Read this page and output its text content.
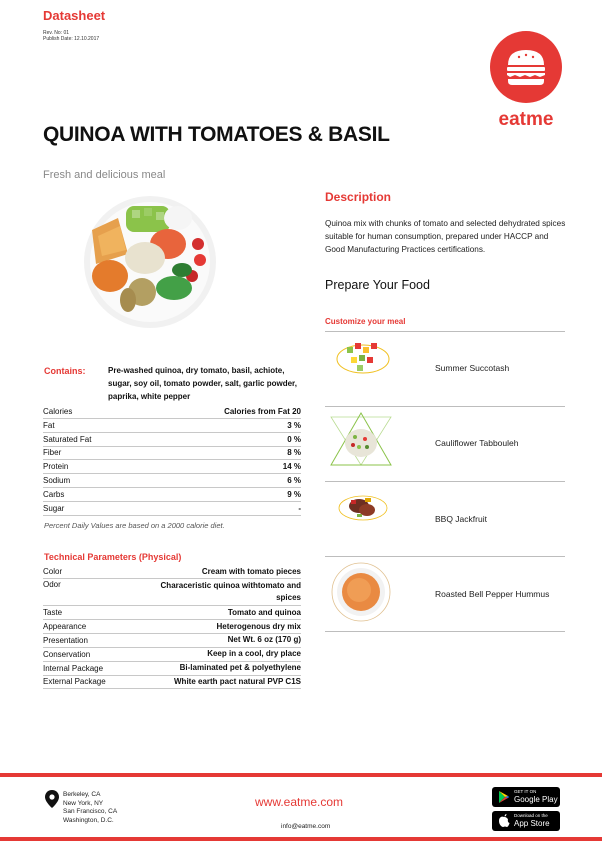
Datasheet
Rev. No: 01
Publish Date: 12.10.2017
eatme
QUINOA WITH TOMATOES & BASIL
Fresh and delicious meal
Contains:	Pre-washed quinoa, dry tomato, basil, achiote, sugar, soy oil, tomato powder, salt, garlic powder, paprika, white pepper
Calories	Calories from Fat 20
Fat	3 %
Saturated Fat	0 %
Fiber	8 %
Protein	14 %
Sodium	6 %
Carbs	9 %
Sugar	-
Percent Daily Values are based on a 2000 calorie diet.
Technical Parameters (Physical)
Color	Cream with tomato pieces
Odor	Characeristic quinoa withtomato and spices
Taste	Tomato and quinoa
Appearance	Heterogenous dry mix
Presentation	Net Wt. 6 oz (170 g)
Conservation	Keep in a cool, dry place
Internal Package	Bi-laminated pet & polyethylene
External Package	White earth pact natural PVP C1S
Description
Quinoa mix with chunks of tomato and selected dehydrated spices suitable for human consumption, prepared under HACCP and Good Manufacturing Practices certifications.
Prepare Your Food
Customize your meal
Summer Succotash
Cauliflower Tabbouleh
BBQ Jackfruit
Roasted Bell Pepper Hummus
Berkeley, CA
New York, NY
San Francisco, CA
Washington, D.C.
www.eatme.com
info@eatme.com
GET IT ON
Google Play
Download on the
App Store
